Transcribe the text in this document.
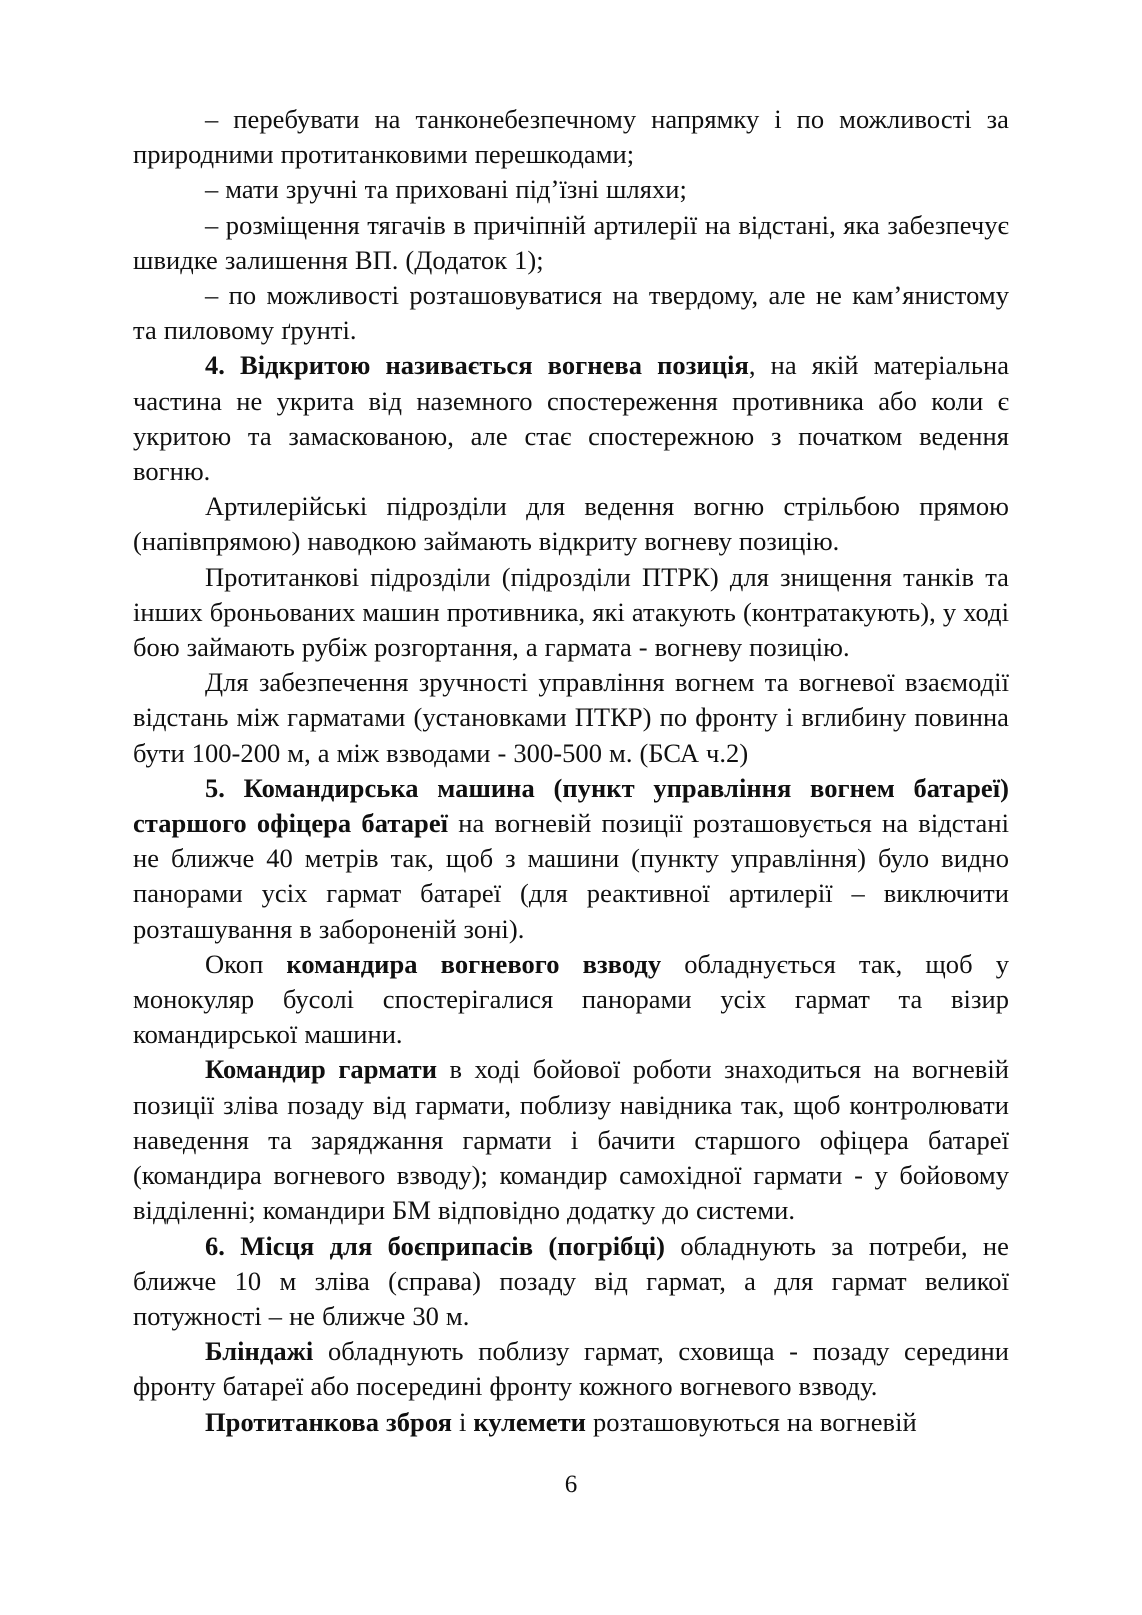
– перебувати на танконебезпечному напрямку і по можливості за природними протитанковими перешкодами;

– мати зручні та приховані під’їзні шляхи;

– розміщення тягачів в причіпній артилерії на відстані, яка забезпечує швидке залишення ВП. (Додаток 1);

– по можливості розташовуватися на твердому, але не кам’янистому та пиловому ґрунті.

4. Відкритою називається вогнева позиція, на якій матеріальна частина не укрита від наземного спостереження противника або коли є укритою та замаскованою, але стає спостережною з початком ведення вогню.

Артилерійські підрозділи для ведення вогню стрільбою прямою (напівпрямою) наводкою займають відкриту вогневу позицію.

Протитанкові підрозділи (підрозділи ПТРК) для знищення танків та інших броньованих машин противника, які атакують (контратакують), у ході бою займають рубіж розгортання, а гармата - вогневу позицію.

Для забезпечення зручності управління вогнем та вогневої взаємодії відстань між гарматами (установками ПТКР) по фронту і вглибину повинна бути 100-200 м, а між взводами - 300-500 м. (БСА ч.2)

5. Командирська машина (пункт управління вогнем батареї) старшого офіцера батареї на вогневій позиції розташовується на відстані не ближче 40 метрів так, щоб з машини (пункту управління) було видно панорами усіх гармат батареї (для реактивної артилерії – виключити розташування в забороненій зоні).

Окоп командира вогневого взводу обладнується так, щоб у монокуляр бусолі спостерігалися панорами усіх гармат та візир командирської машини.

Командир гармати в ході бойової роботи знаходиться на вогневій позиції зліва позаду від гармати, поблизу навідника так, щоб контролювати наведення та заряджання гармати і бачити старшого офіцера батареї (командира вогневого взводу); командир самохідної гармати - у бойовому відділенні; командири БМ відповідно додатку до системи.

6. Місця для боєприпасів (погрібці) обладнують за потреби, не ближче 10 м зліва (справа) позаду від гармат, а для гармат великої потужності – не ближче 30 м.

Бліндажі обладнують поблизу гармат, сховища - позаду середини фронту батареї або посередині фронту кожного вогневого взводу.

Протитанкова зброя і кулемети розташовуються на вогневій

6
